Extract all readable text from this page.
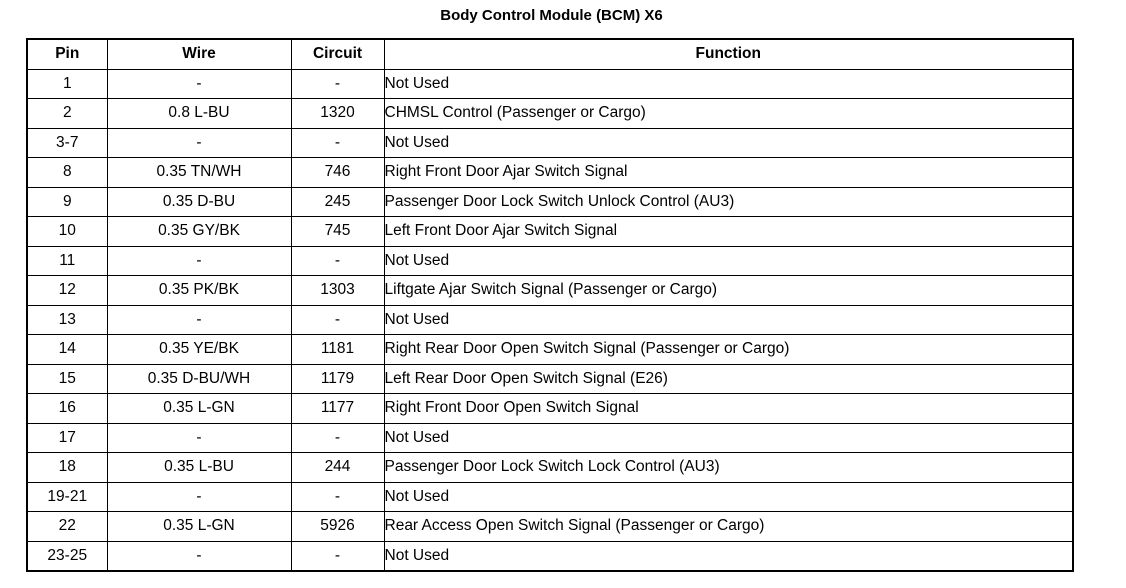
Body Control Module (BCM) X6
Pin	Wire	Circuit	Function
1	-	-	Not Used
2	0.8 L-BU	1320	CHMSL Control (Passenger or Cargo)
3-7	-	-	Not Used
8	0.35 TN/WH	746	Right Front Door Ajar Switch Signal
9	0.35 D-BU	245	Passenger Door Lock Switch Unlock Control (AU3)
10	0.35 GY/BK	745	Left Front Door Ajar Switch Signal
11	-	-	Not Used
12	0.35 PK/BK	1303	Liftgate Ajar Switch Signal (Passenger or Cargo)
13	-	-	Not Used
14	0.35 YE/BK	1181	Right Rear Door Open Switch Signal (Passenger or Cargo)
15	0.35 D-BU/WH	1179	Left Rear Door Open Switch Signal (E26)
16	0.35 L-GN	1177	Right Front Door Open Switch Signal
17	-	-	Not Used
18	0.35 L-BU	244	Passenger Door Lock Switch Lock Control (AU3)
19-21	-	-	Not Used
22	0.35 L-GN	5926	Rear Access Open Switch Signal (Passenger or Cargo)
23-25	-	-	Not Used
